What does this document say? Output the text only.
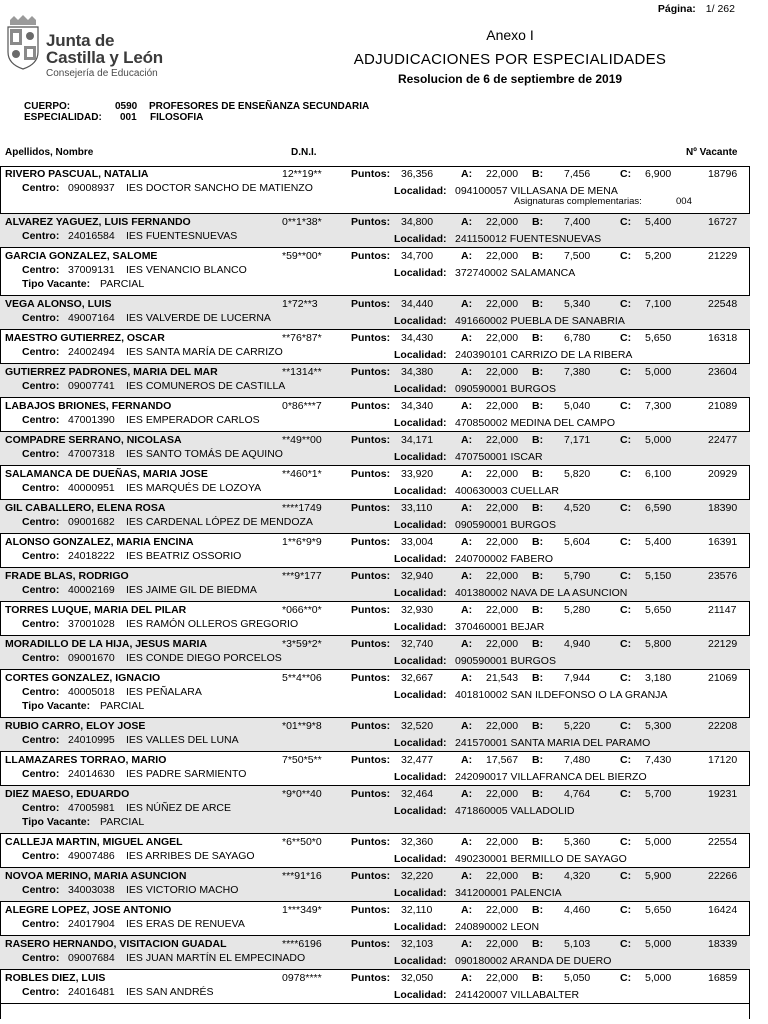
Página: 1/ 262
Junta de
Castilla y León
Consejería de Educación
Anexo I
ADJUDICACIONES POR ESPECIALIDADES
Resolucion de 6 de septiembre de 2019
CUERPO:	0590 PROFESORES DE ENSEÑANZA SECUNDARIA
ESPECIALIDAD: 001 FILOSOFIA
Apellidos, Nombre	D.N.I.	Nº Vacante
RIVERO PASCUAL, NATALIA	12**19**	Puntos: 36,356	A: 22,000 B: 7,456	C: 6,900	18796
Centro: 09008937 IES DOCTOR SANCHO DE MATIENZO	Localidad: 094100057 VILLASANA DE MENA
Asignaturas complementarias:	004
ALVAREZ YAGUEZ, LUIS FERNANDO	0**1*38*	Puntos: 34,800	A: 22,000 B: 7,400	C: 5,400	16727
Centro: 24016584 IES FUENTESNUEVAS	Localidad: 241150012 FUENTESNUEVAS
GARCIA GONZALEZ, SALOME	*59**00*	Puntos: 34,700	A: 22,000 B: 7,500	C: 5,200	21229
Centro: 37009131 IES VENANCIO BLANCO	Localidad: 372740002 SALAMANCA
Tipo Vacante: PARCIAL
VEGA ALONSO, LUIS	1*72**3	Puntos: 34,440	A: 22,000 B: 5,340	C: 7,100	22548
Centro: 49007164 IES VALVERDE DE LUCERNA	Localidad: 491660002 PUEBLA DE SANABRIA
MAESTRO GUTIERREZ, OSCAR	**76*87*	Puntos: 34,430	A: 22,000 B: 6,780	C: 5,650	16318
Centro: 24002494 IES SANTA MARÍA DE CARRIZO	Localidad: 240390101 CARRIZO DE LA RIBERA
GUTIERREZ PADRONES, MARIA DEL MAR	**1314**	Puntos: 34,380	A: 22,000 B: 7,380	C: 5,000	23604
Centro: 09007741 IES COMUNEROS DE CASTILLA	Localidad: 090590001 BURGOS
LABAJOS BRIONES, FERNANDO	0*86***7	Puntos: 34,340	A: 22,000 B: 5,040	C: 7,300	21089
Centro: 47001390 IES EMPERADOR CARLOS	Localidad: 470850002 MEDINA DEL CAMPO
COMPADRE SERRANO, NICOLASA	**49**00	Puntos: 34,171	A: 22,000 B: 7,171	C: 5,000	22477
Centro: 47007318 IES SANTO TOMÁS DE AQUINO	Localidad: 470750001 ISCAR
SALAMANCA DE DUEÑAS, MARIA JOSE	**460*1*	Puntos: 33,920	A: 22,000 B: 5,820	C: 6,100	20929
Centro: 40000951 IES MARQUÉS DE LOZOYA	Localidad: 400630003 CUELLAR
GIL CABALLERO, ELENA ROSA	****1749	Puntos: 33,110	A: 22,000 B: 4,520	C: 6,590	18390
Centro: 09001682 IES CARDENAL LÓPEZ DE MENDOZA	Localidad: 090590001 BURGOS
ALONSO GONZALEZ, MARIA ENCINA	1**6*9*9	Puntos: 33,004	A: 22,000 B: 5,604	C: 5,400	16391
Centro: 24018222 IES BEATRIZ OSSORIO	Localidad: 240700002 FABERO
FRADE BLAS, RODRIGO	***9*177	Puntos: 32,940	A: 22,000 B: 5,790	C: 5,150	23576
Centro: 40002169 IES JAIME GIL DE BIEDMA	Localidad: 401380002 NAVA DE LA ASUNCION
TORRES LUQUE, MARIA DEL PILAR	*066**0*	Puntos: 32,930	A: 22,000 B: 5,280	C: 5,650	21147
Centro: 37001028 IES RAMÓN OLLEROS GREGORIO	Localidad: 370460001 BEJAR
MORADILLO DE LA HIJA, JESUS MARIA	*3*59*2*	Puntos: 32,740	A: 22,000 B: 4,940	C: 5,800	22129
Centro: 09001670 IES CONDE DIEGO PORCELOS	Localidad: 090590001 BURGOS
CORTES GONZALEZ, IGNACIO	5**4**06	Puntos: 32,667	A: 21,543 B: 7,944	C: 3,180	21069
Centro: 40005018 IES PEÑALARA	Localidad: 401810002 SAN ILDEFONSO O LA GRANJA
Tipo Vacante: PARCIAL
RUBIO CARRO, ELOY JOSE	*01**9*8	Puntos: 32,520	A: 22,000 B: 5,220	C: 5,300	22208
Centro: 24010995 IES VALLES DEL LUNA	Localidad: 241570001 SANTA MARIA DEL PARAMO
LLAMAZARES TORRAO, MARIO	7*50*5**	Puntos: 32,477	A: 17,567 B: 7,480	C: 7,430	17120
Centro: 24014630 IES PADRE SARMIENTO	Localidad: 242090017 VILLAFRANCA DEL BIERZO
DIEZ MAESO, EDUARDO	*9*0**40	Puntos: 32,464	A: 22,000 B: 4,764	C: 5,700	19231
Centro: 47005981 IES NÚÑEZ DE ARCE	Localidad: 471860005 VALLADOLID
Tipo Vacante: PARCIAL
CALLEJA MARTIN, MIGUEL ANGEL	*6**50*0	Puntos: 32,360	A: 22,000 B: 5,360	C: 5,000	22554
Centro: 49007486 IES ARRIBES DE SAYAGO	Localidad: 490230001 BERMILLO DE SAYAGO
NOVOA MERINO, MARIA ASUNCION	***91*16	Puntos: 32,220	A: 22,000 B: 4,320	C: 5,900	22266
Centro: 34003038 IES VICTORIO MACHO	Localidad: 341200001 PALENCIA
ALEGRE LOPEZ, JOSE ANTONIO	1***349*	Puntos: 32,110	A: 22,000 B: 4,460	C: 5,650	16424
Centro: 24017904 IES ERAS DE RENUEVA	Localidad: 240890002 LEON
RASERO HERNANDO, VISITACION GUADAL	****6196	Puntos: 32,103	A: 22,000 B: 5,103	C: 5,000	18339
Centro: 09007684 IES JUAN MARTÍN EL EMPECINADO	Localidad: 090180002 ARANDA DE DUERO
ROBLES DIEZ, LUIS	0978****	Puntos: 32,050	A: 22,000 B: 5,050	C: 5,000	16859
Centro: 24016481 IES SAN ANDRÉS	Localidad: 241420007 VILLABALTER
